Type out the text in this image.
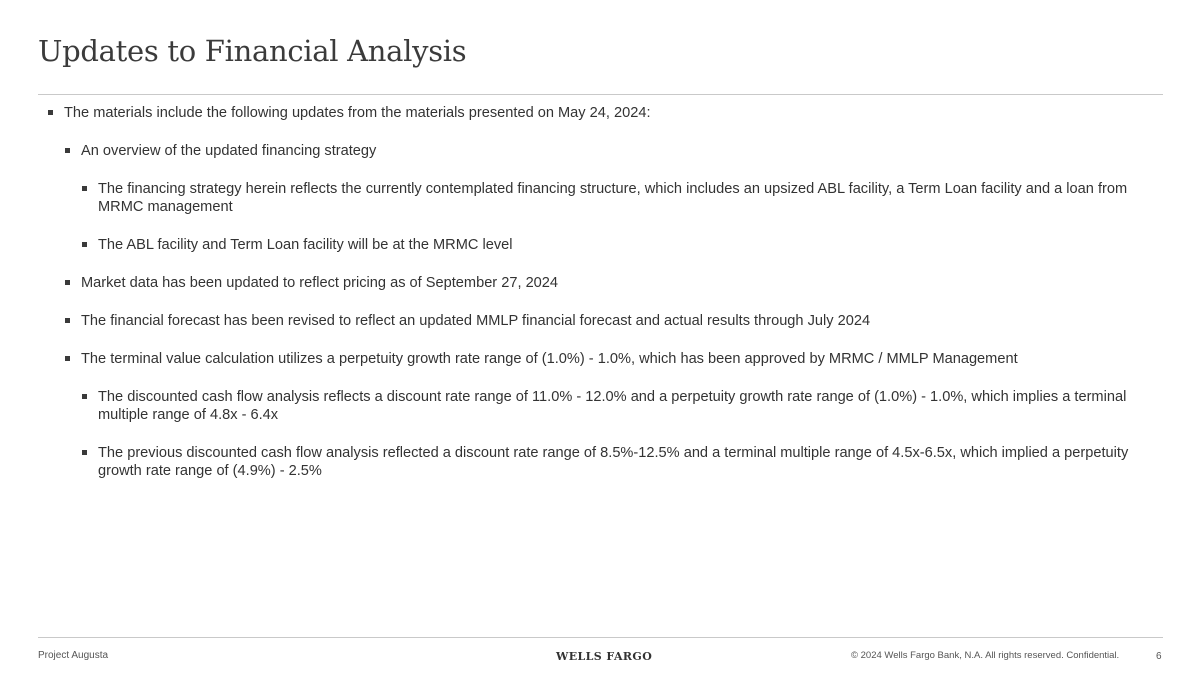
Updates to Financial Analysis
The materials include the following updates from the materials presented on May 24, 2024:
An overview of the updated financing strategy
The financing strategy herein reflects the currently contemplated financing structure, which includes an upsized ABL facility, a Term Loan facility and a loan from MRMC management
The ABL facility and Term Loan facility will be at the MRMC level
Market data has been updated to reflect pricing as of September 27, 2024
The financial forecast has been revised to reflect an updated MMLP financial forecast and actual results through July 2024
The terminal value calculation utilizes a perpetuity growth rate range of (1.0%) - 1.0%, which has been approved by MRMC / MMLP Management
The discounted cash flow analysis reflects a discount rate range of 11.0% - 12.0% and a perpetuity growth rate range of (1.0%) - 1.0%, which implies a terminal multiple range of 4.8x - 6.4x
The previous discounted cash flow analysis reflected a discount rate range of 8.5%-12.5% and a terminal multiple range of 4.5x-6.5x, which implied a perpetuity growth rate range of (4.9%) - 2.5%
Project Augusta	WELLS FARGO	© 2024 Wells Fargo Bank, N.A. All rights reserved. Confidential.	6
